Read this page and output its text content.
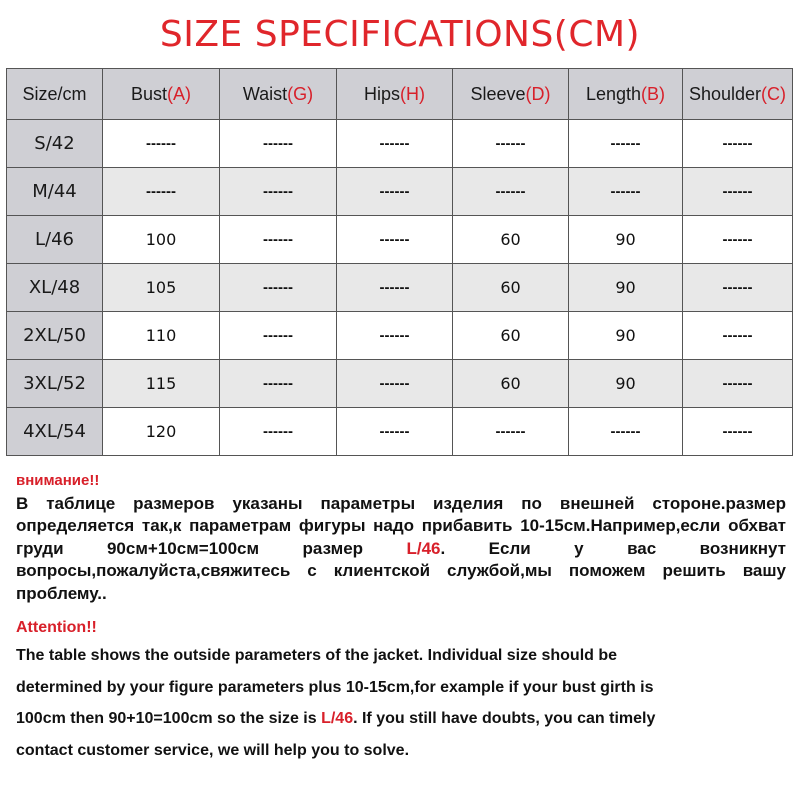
SIZE SPECIFICATIONS(CM)
Size/cm	Bust(A)	Waist(G)	Hips(H)	Sleeve(D)	Length(B)	Shoulder(C)
S/42	------	------	------	------	------	------
M/44	------	------	------	------	------	------
L/46	100	------	------	60	90	------
XL/48	105	------	------	60	90	------
2XL/50	110	------	------	60	90	------
3XL/52	115	------	------	60	90	------
4XL/54	120	------	------	------	------	------
внимание!!

В таблице размеров указаны параметры изделия по внешней стороне.размер определяется так,к параметрам фигуры надо прибавить 10-15см.Например,если обхват груди 90см+10см=100см размер L/46. Если у вас возникнут вопросы,пожалуйста,свяжитесь с клиентской службой,мы поможем решить вашу проблему..

Attention!!

The table shows the outside parameters of the jacket. Individual size should be

determined by your figure parameters plus 10-15cm,for example if your bust girth is

100cm then 90+10=100cm so the size is L/46. If you still have doubts, you can timely

contact customer service, we will help you to solve.
